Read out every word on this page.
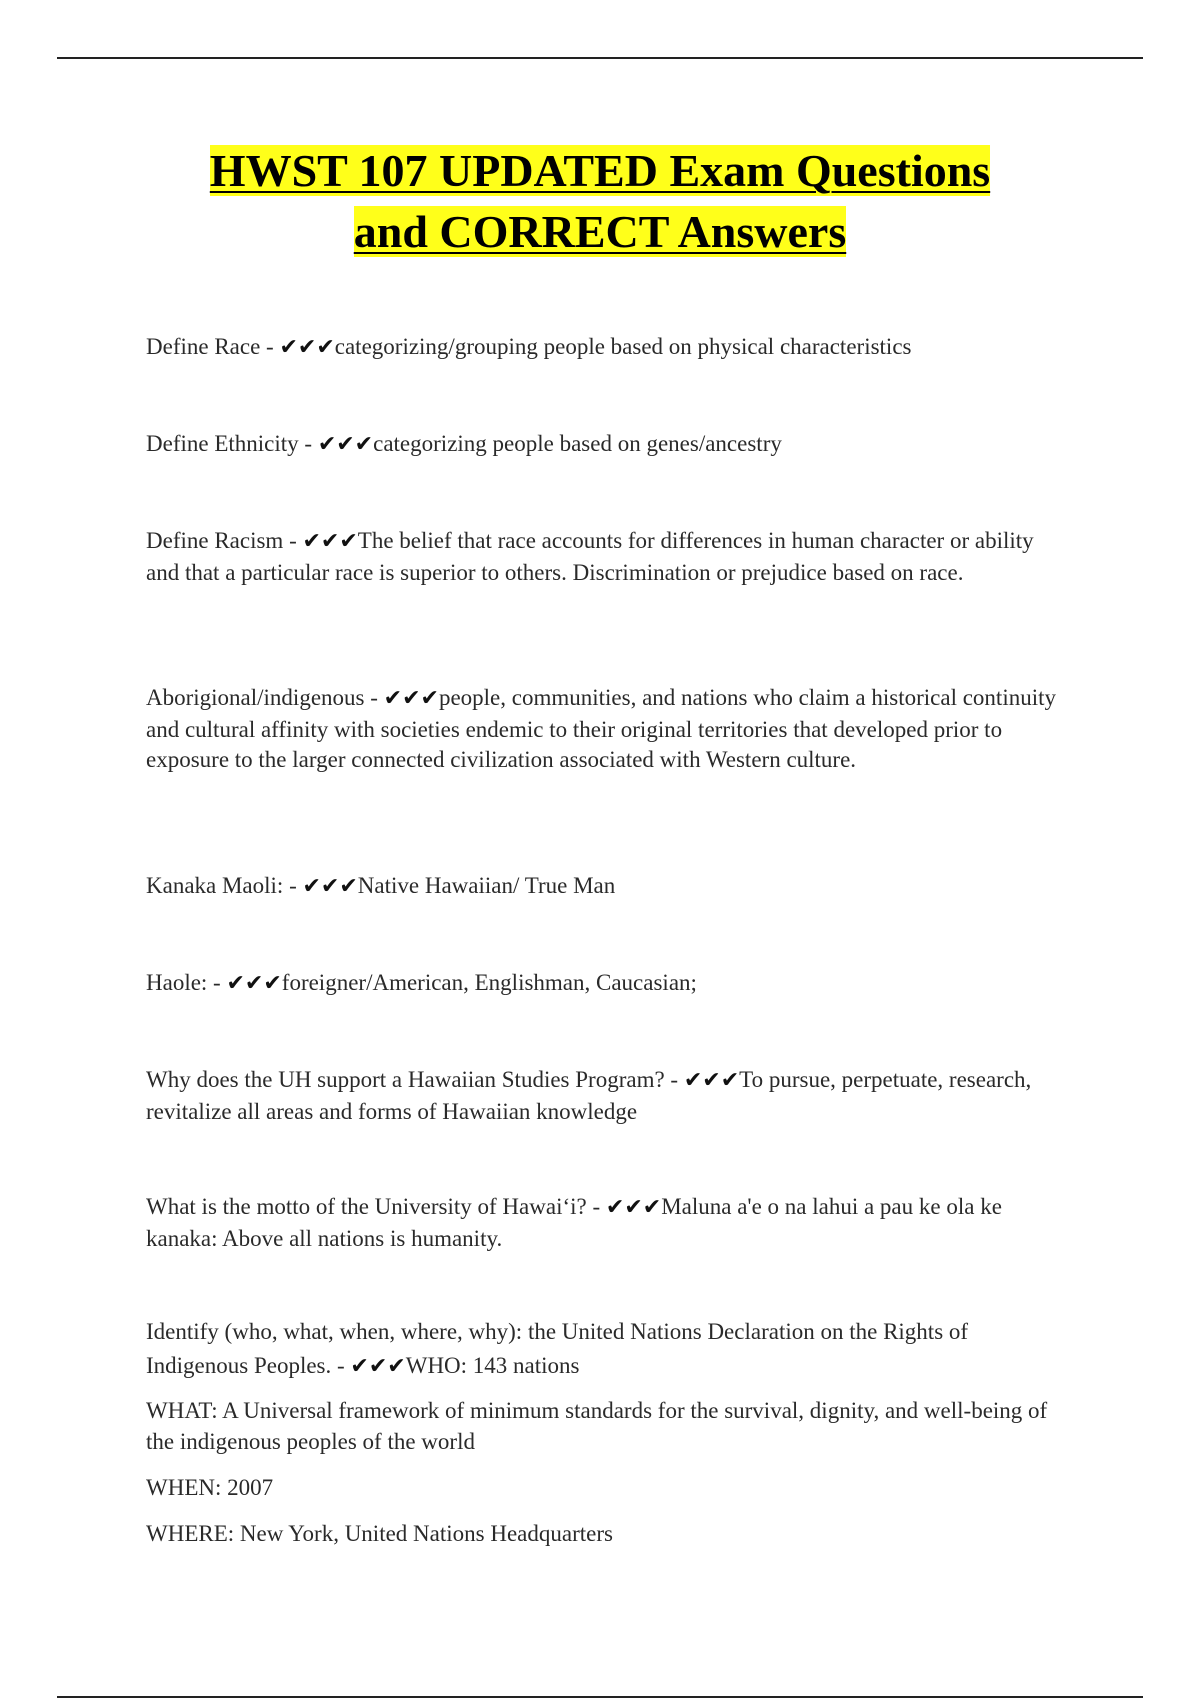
HWST 107 UPDATED Exam Questions
and CORRECT Answers

Define Race - ✔✔✔categorizing/grouping people based on physical characteristics

Define Ethnicity - ✔✔✔categorizing people based on genes/ancestry

Define Racism - ✔✔✔The belief that race accounts for differences in human character or ability and that a particular race is superior to others. Discrimination or prejudice based on race.

Aborigional/indigenous - ✔✔✔people, communities, and nations who claim a historical continuity and cultural affinity with societies endemic to their original territories that developed prior to exposure to the larger connected civilization associated with Western culture.

Kanaka Maoli: - ✔✔✔Native Hawaiian/ True Man

Haole: - ✔✔✔foreigner/American, Englishman, Caucasian;

Why does the UH support a Hawaiian Studies Program? - ✔✔✔To pursue, perpetuate, research, revitalize all areas and forms of Hawaiian knowledge

What is the motto of the University of Hawai‘i? - ✔✔✔Maluna a'e o na lahui a pau ke ola ke kanaka: Above all nations is humanity.

Identify (who, what, when, where, why): the United Nations Declaration on the Rights of Indigenous Peoples. - ✔✔✔WHO: 143 nations

WHAT: A Universal framework of minimum standards for the survival, dignity, and well-being of the indigenous peoples of the world

WHEN: 2007

WHERE: New York, United Nations Headquarters
